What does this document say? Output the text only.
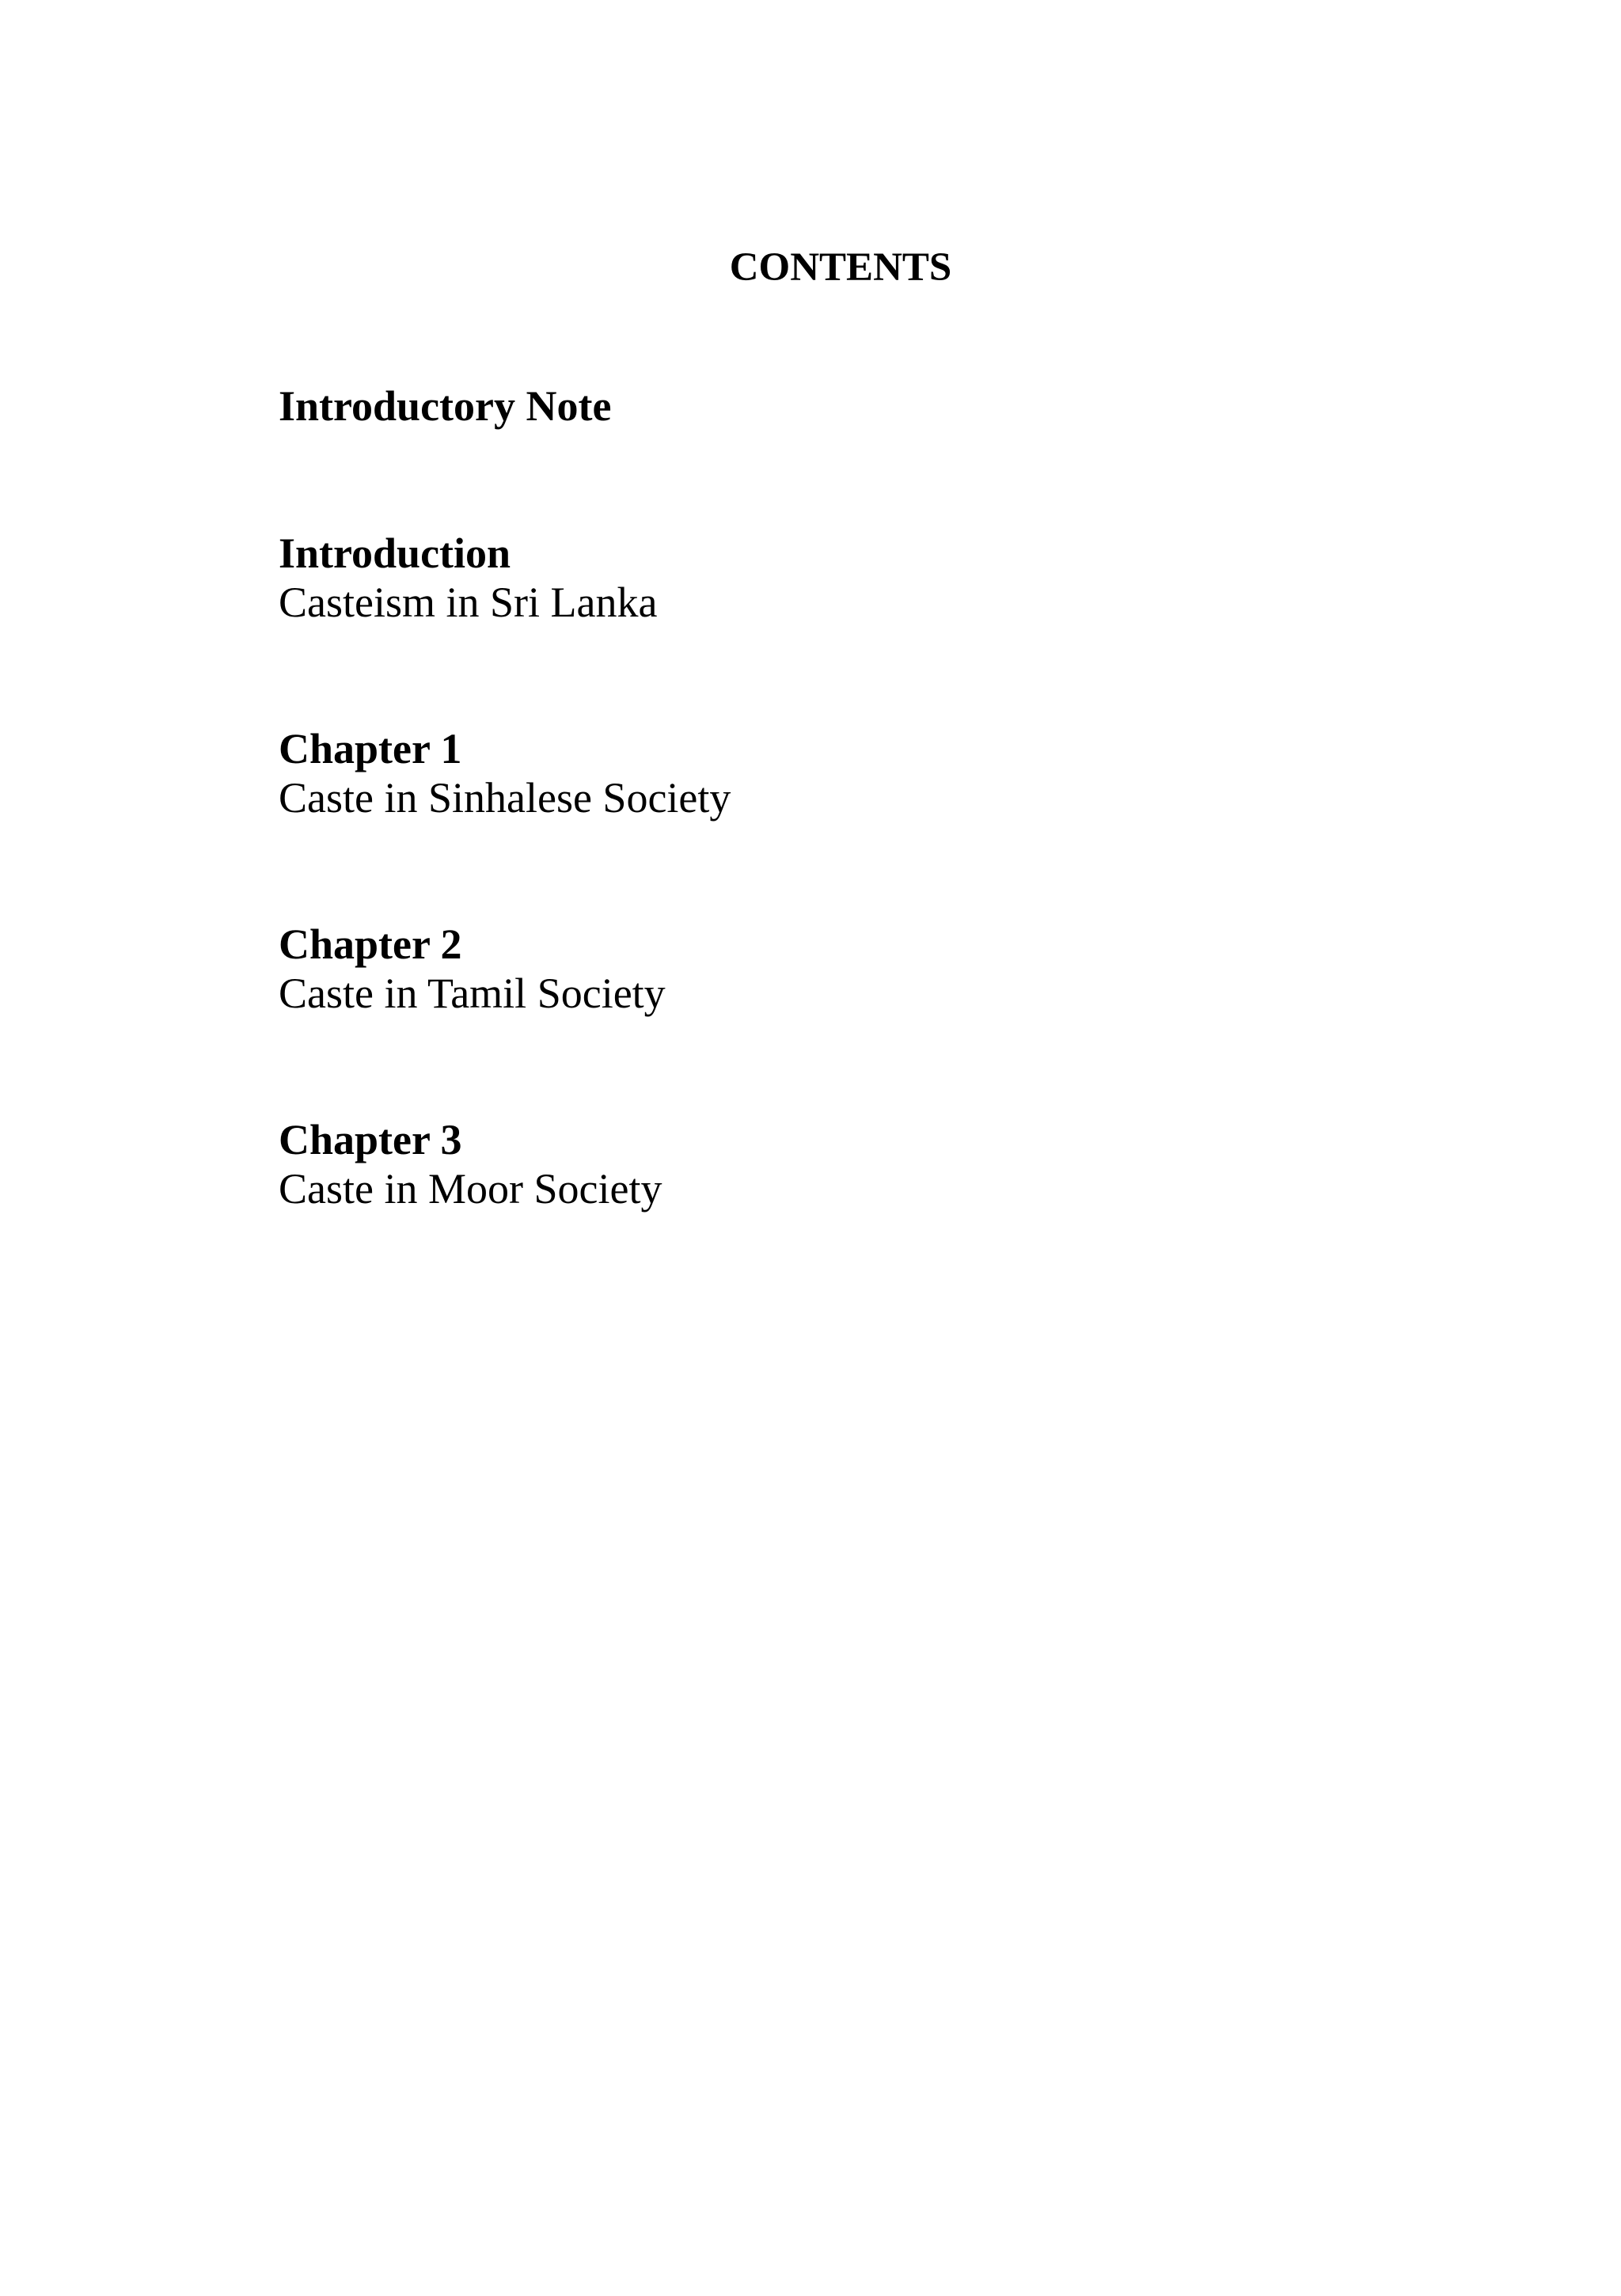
CONTENTS
Introductory Note
Introduction
Casteism in Sri Lanka
Chapter 1
Caste in Sinhalese Society
Chapter 2
Caste in Tamil Society
Chapter 3
Caste in Moor Society
